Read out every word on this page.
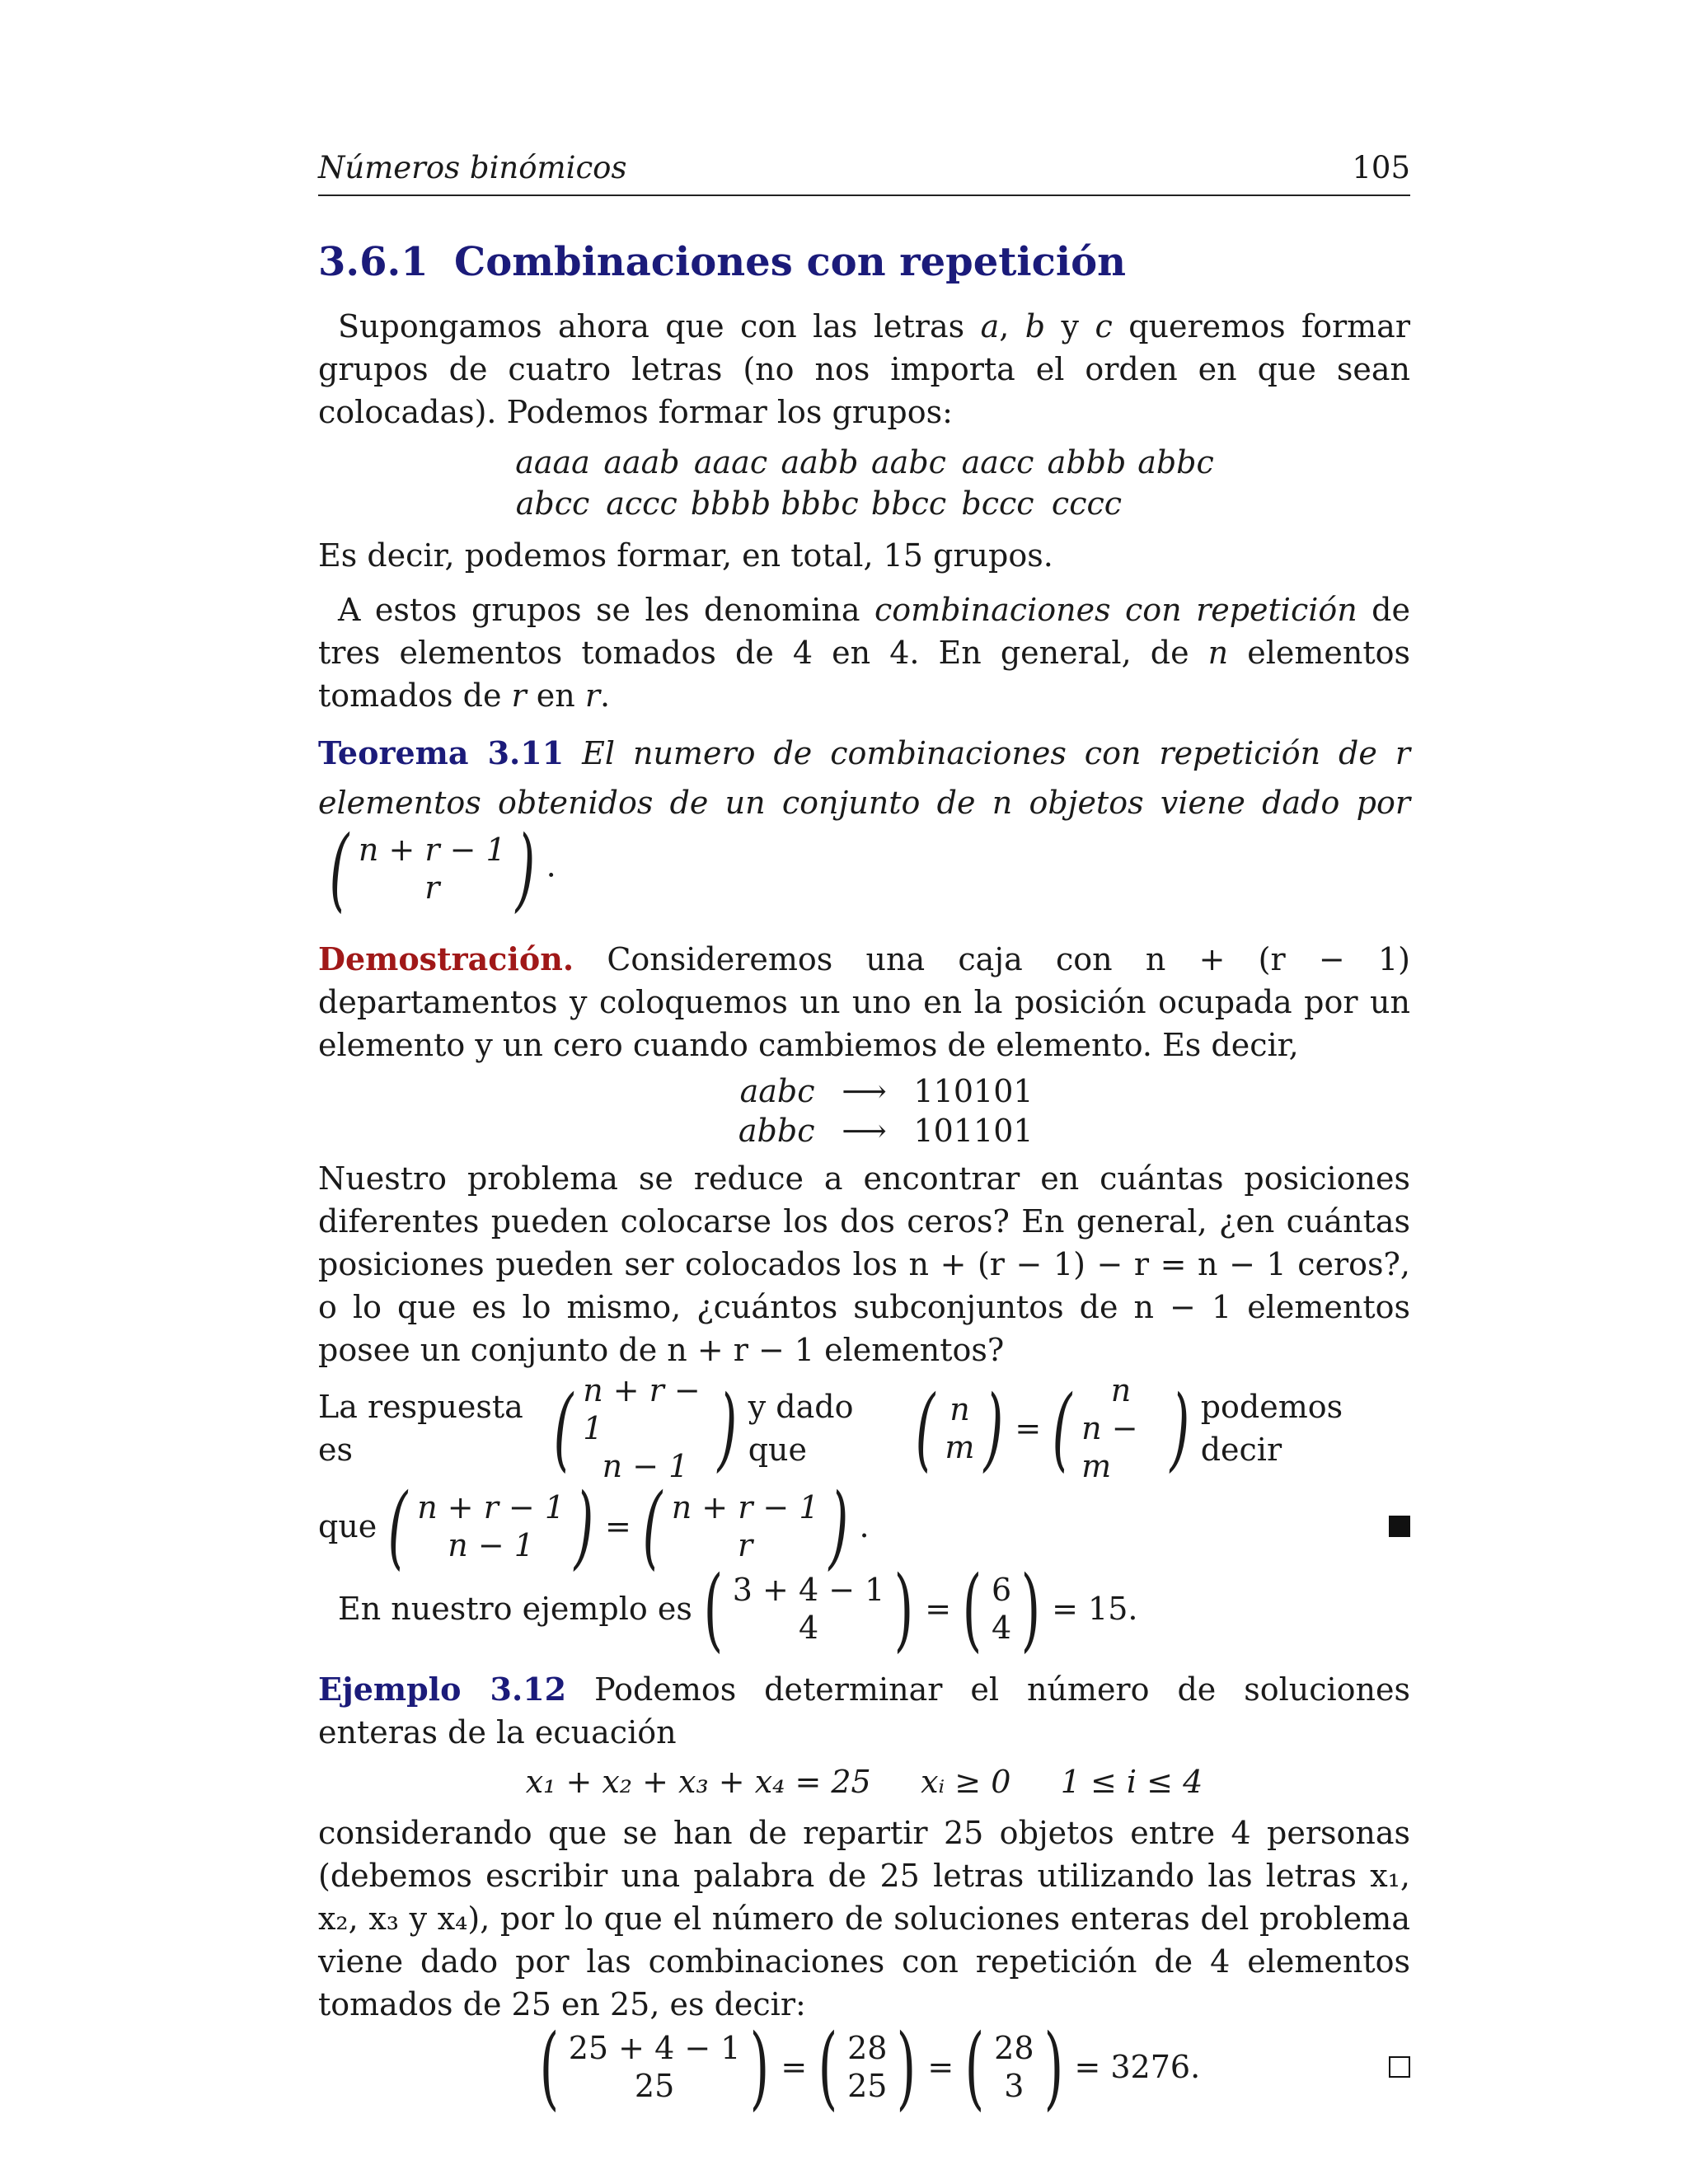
Números binómicos	105
3.6.1 Combinaciones con repetición

Supongamos ahora que con las letras a, b y c queremos formar grupos de cuatro letras (no nos importa el orden en que sean colocadas). Podemos formar los grupos:

aaaa aaab aaac aabb aabc aacc abbb abbc
abcc accc bbbb bbbc bbcc bccc cccc

Es decir, podemos formar, en total, 15 grupos.

A estos grupos se les denomina combinaciones con repetición de tres elementos tomados de 4 en 4. En general, de n elementos tomados de r en r.

Teorema 3.11 El numero de combinaciones con repetición de r elementos obtenidos de un conjunto de n objetos viene dado por
( n + r − 1
r ) .

Demostración. Consideremos una caja con n + (r − 1) departamentos y coloquemos un uno en la posición ocupada por un elemento y un cero cuando cambiemos de elemento. Es decir,

aabc ⟶ 110101
abbc ⟶ 101101

Nuestro problema se reduce a encontrar en cuántas posiciones diferentes pueden colocarse los dos ceros? En general, ¿en cuántas posiciones pueden ser colocados los n + (r − 1) − r = n − 1 ceros?, o lo que es lo mismo, ¿cuántos subconjuntos de n − 1 elementos posee un conjunto de n + r − 1 elementos?

La respuesta es	( n + r − 1
n − 1 ) y dado que	( n
m ) = ( n
n − m ) podemos decir
que ( n + r − 1
n − 1 ) = ( n + r − 1
r ) .
En nuestro ejemplo es ( 3 + 4 − 1
4 ) = ( 6
4 ) = 15.

Ejemplo 3.12 Podemos determinar el número de soluciones enteras de la ecuación

x₁ + x₂ + x₃ + x₄ = 25     xᵢ ≥ 0     1 ≤ i ≤ 4

considerando que se han de repartir 25 objetos entre 4 personas (debemos escribir una palabra de 25 letras utilizando las letras x₁, x₂, x₃ y x₄), por lo que el número de soluciones enteras del problema viene dado por las combinaciones con repetición de 4 elementos tomados de 25 en 25, es decir:

( 25 + 4 − 1
25 ) = ( 28
25 ) = ( 28
3 ) = 3276.
